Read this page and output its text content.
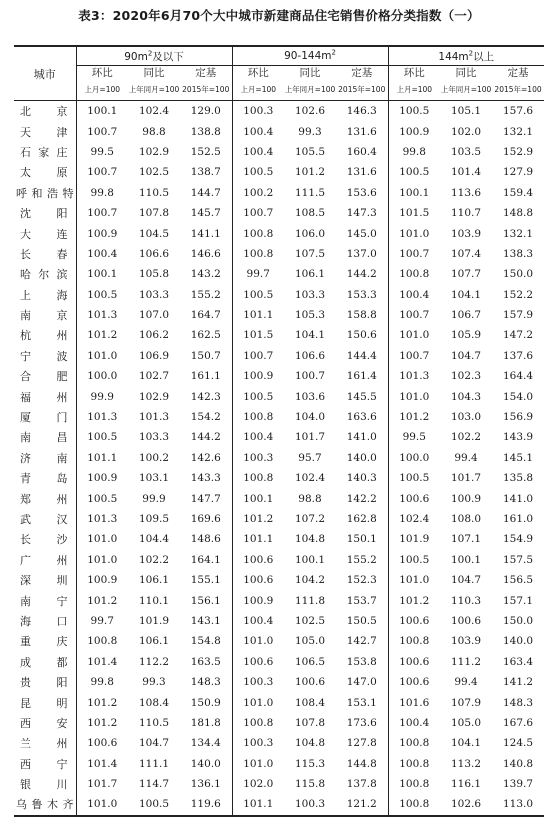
表3：2020年6月70个大中城市新建商品住宅销售价格分类指数（一）
城市	$90m^2$及以下			$90-144m^2$			$144m^2$以上		
	环比	同比	定基	环比	同比	定基	环比	同比	定基
	上月=100	上年同月=100	2015年=100	上月=100	上年同月=100	2015年=100	上月=100	上年同月=100	2015年=100
北京	100.1	102.4	129.0	100.3	102.6	146.3	100.5	105.1	157.6
天津	100.7	98.8	138.8	100.4	99.3	131.6	100.9	102.0	132.1
石家庄	99.5	102.9	152.5	100.4	105.5	160.4	99.8	103.5	152.9
太原	100.7	102.5	138.7	100.5	101.2	131.6	100.5	101.4	127.9
呼和浩特	99.8	110.5	144.7	100.2	111.5	153.6	100.1	113.6	159.4
沈阳	100.7	107.8	145.7	100.7	108.5	147.3	101.5	110.7	148.8
大连	100.9	104.5	141.1	100.8	106.0	145.0	101.0	103.9	132.1
长春	100.4	106.6	146.6	100.8	107.5	137.0	100.7	107.4	138.3
哈尔滨	100.1	105.8	143.2	99.7	106.1	144.2	100.8	107.7	150.0
上海	100.5	103.3	155.2	100.5	103.3	153.3	100.4	104.1	152.2
南京	101.3	107.0	164.7	101.1	105.3	158.8	100.7	106.7	157.9
杭州	101.2	106.2	162.5	101.5	104.1	150.6	101.0	105.9	147.2
宁波	101.0	106.9	150.7	100.7	106.6	144.4	100.7	104.7	137.6
合肥	100.0	102.7	161.1	100.9	100.7	161.4	101.3	102.3	164.4
福州	99.9	102.9	142.3	100.5	103.6	145.5	101.0	104.3	154.0
厦门	101.3	101.3	154.2	100.8	104.0	163.6	101.2	103.0	156.9
南昌	100.5	103.3	144.2	100.4	101.7	141.0	99.5	102.2	143.9
济南	101.1	100.2	142.6	100.3	95.7	140.0	100.0	99.4	145.1
青岛	100.9	103.1	143.3	100.8	102.4	140.3	100.5	101.7	135.8
郑州	100.5	99.9	147.7	100.1	98.8	142.2	100.6	100.9	141.0
武汉	101.3	109.5	169.6	101.2	107.2	162.8	102.4	108.0	161.0
长沙	101.0	104.4	148.6	101.1	104.8	150.1	101.9	107.1	154.9
广州	101.0	102.2	164.1	100.6	100.1	155.2	100.5	100.1	157.5
深圳	100.9	106.1	155.1	100.6	104.2	152.3	101.0	104.7	156.5
南宁	101.2	110.1	156.1	100.9	111.8	153.7	101.2	110.3	157.1
海口	99.7	101.9	143.1	100.4	102.5	150.5	100.6	100.6	150.0
重庆	100.8	106.1	154.8	101.0	105.0	142.7	100.8	103.9	140.0
成都	101.4	112.2	163.5	100.6	106.5	153.8	100.6	111.2	163.4
贵阳	99.8	99.3	148.3	100.3	100.6	147.0	100.6	99.4	141.2
昆明	101.2	108.4	150.9	101.0	108.4	153.1	101.6	107.9	148.3
西安	101.2	110.5	181.8	100.8	107.8	173.6	100.4	105.0	167.6
兰州	100.6	104.7	134.4	100.3	104.8	127.8	100.8	104.1	124.5
西宁	101.4	111.1	140.0	101.0	115.3	144.8	100.8	113.2	140.8
银川	101.7	114.7	136.1	102.0	115.8	137.8	100.8	116.1	139.7
乌鲁木齐	101.0	100.5	119.6	101.1	100.3	121.2	100.8	102.6	113.0
